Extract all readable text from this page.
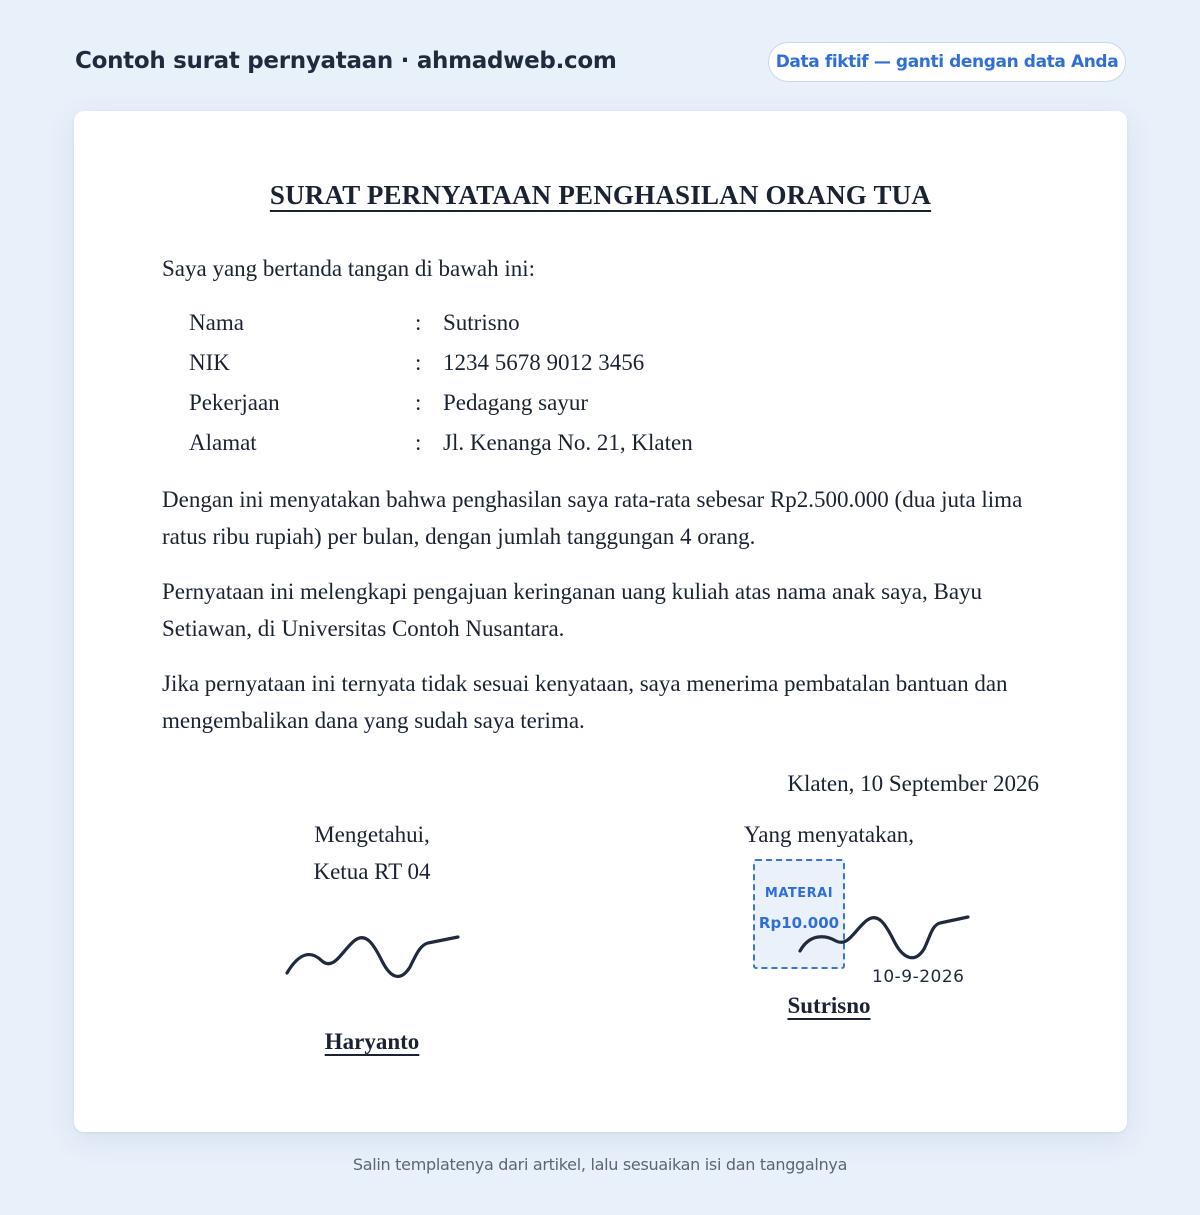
Contoh surat pernyataan · ahmadweb.com	Data fiktif — ganti dengan data Anda
SURAT PERNYATAAN PENGHASILAN ORANG TUA
Saya yang bertanda tangan di bawah ini:
Nama	: Sutrisno
NIK	: 1234 5678 9012 3456
Pekerjaan	: Pedagang sayur
Alamat	: Jl. Kenanga No. 21, Klaten
Dengan ini menyatakan bahwa penghasilan saya rata-rata sebesar Rp2.500.000 (dua juta lima ratus ribu rupiah) per bulan, dengan jumlah tanggungan 4 orang.
Pernyataan ini melengkapi pengajuan keringanan uang kuliah atas nama anak saya, Bayu Setiawan, di Universitas Contoh Nusantara.
Jika pernyataan ini ternyata tidak sesuai kenyataan, saya menerima pembatalan bantuan dan mengembalikan dana yang sudah saya terima.
Klaten, 10 September 2026
Mengetahui,
Ketua RT 04
Haryanto
Yang menyatakan,
MATERAI
Rp10.000
10-9-2026
Sutrisno
Salin templatenya dari artikel, lalu sesuaikan isi dan tanggalnya
